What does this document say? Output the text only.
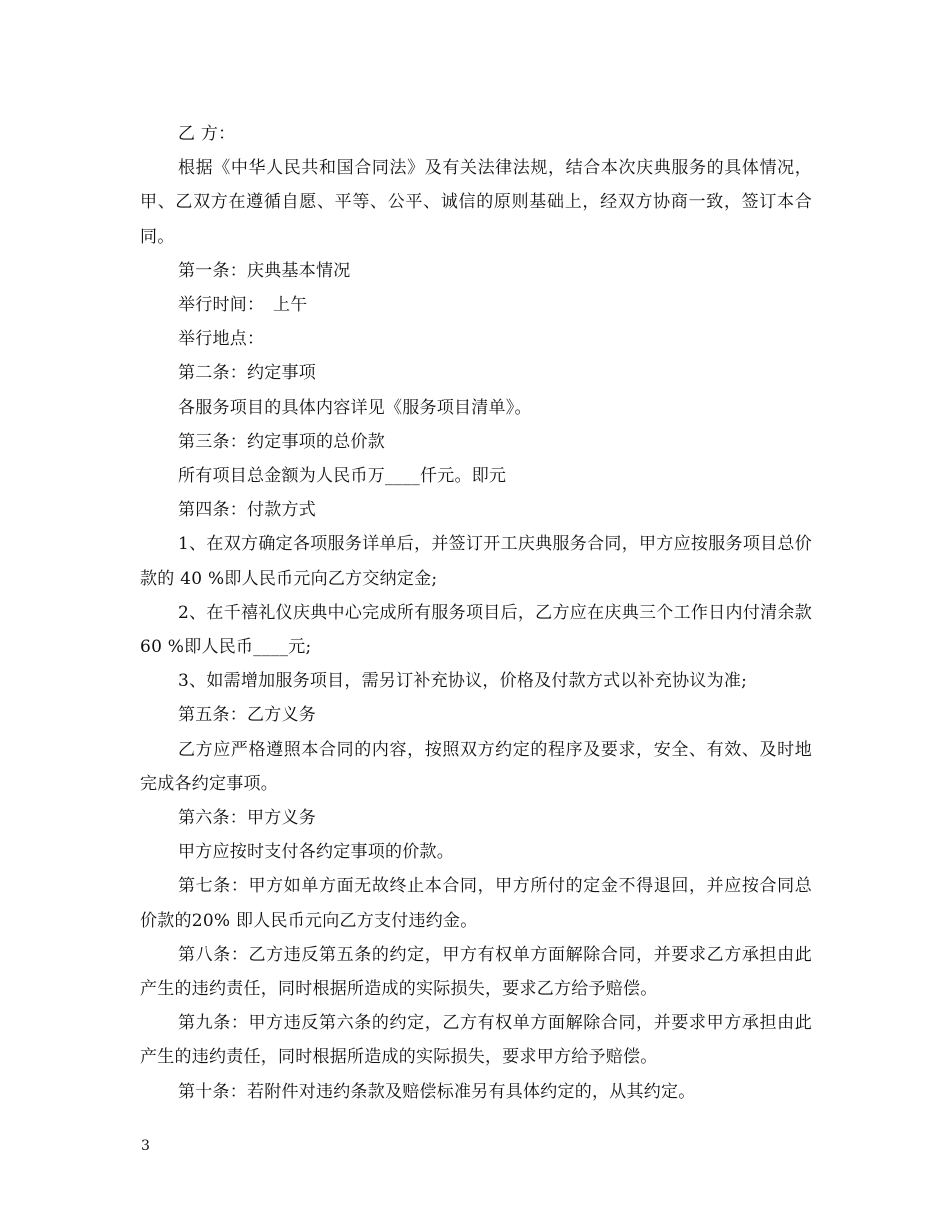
乙 方：

根据《中华人民共和国合同法》及有关法律法规，结合本次庆典服务的具体情况，甲、乙双方在遵循自愿、平等、公平、诚信的原则基础上，经双方协商一致，签订本合同。

第一条：庆典基本情况

举行时间：　上午

举行地点：

第二条：约定事项

各服务项目的具体内容详见《服务项目清单》。

第三条：约定事项的总价款

所有项目总金额为人民币万____仟元。即元

第四条：付款方式

1、在双方确定各项服务详单后，并签订开工庆典服务合同，甲方应按服务项目总价款的 40 %即人民币元向乙方交纳定金;

2、在千禧礼仪庆典中心完成所有服务项目后，乙方应在庆典三个工作日内付清余款60 %即人民币____元;

3、如需增加服务项目，需另订补充协议，价格及付款方式以补充协议为准;

第五条：乙方义务

乙方应严格遵照本合同的内容，按照双方约定的程序及要求，安全、有效、及时地完成各约定事项。

第六条：甲方义务

甲方应按时支付各约定事项的价款。

第七条：甲方如单方面无故终止本合同，甲方所付的定金不得退回，并应按合同总价款的20% 即人民币元向乙方支付违约金。

第八条：乙方违反第五条的约定，甲方有权单方面解除合同，并要求乙方承担由此产生的违约责任，同时根据所造成的实际损失，要求乙方给予赔偿。

第九条：甲方违反第六条的约定，乙方有权单方面解除合同，并要求甲方承担由此产生的违约责任，同时根据所造成的实际损失，要求甲方给予赔偿。

第十条：若附件对违约条款及赔偿标准另有具体约定的，从其约定。

3
